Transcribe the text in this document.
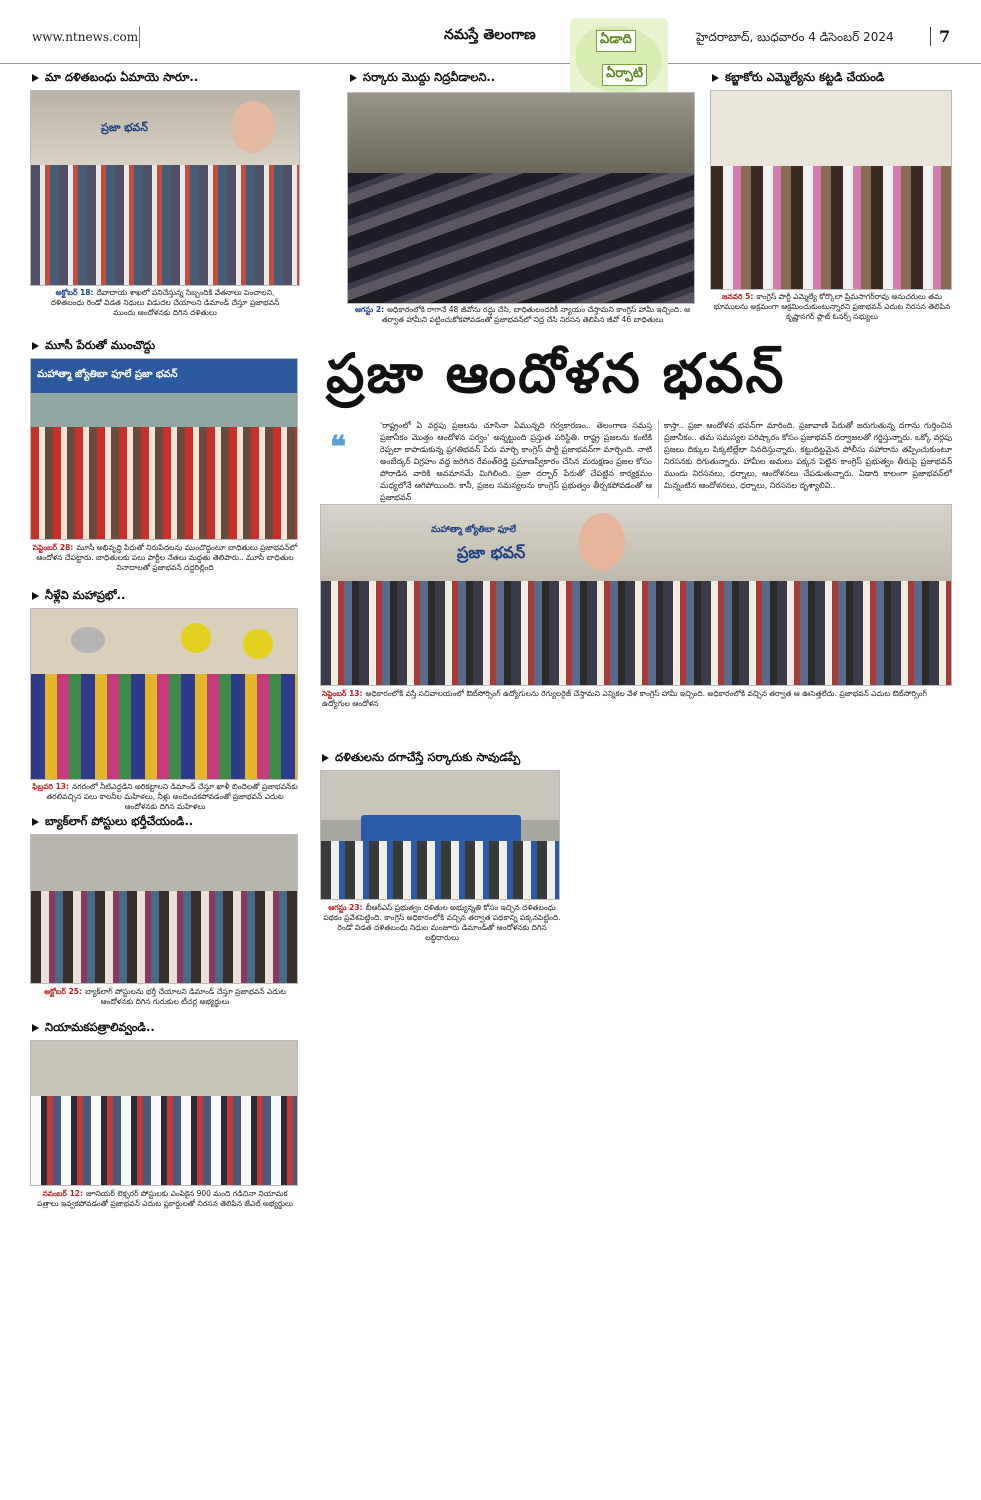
www.ntnews.com	నమస్తే తెలంగాణ	హైదరాబాద్, బుధవారం 4 డిసెంబర్ 2024	7
ఏడాది
ఏర్పాటి
మా దళితబంధు ఏమాయె సారూ..
ప్రజా భవన్
అక్టోబర్ 18: దేవాదాయ శాఖలో పనిచేస్తున్న సిబ్బందికి వేతనాలు పెంచాలని, దళితబంధు రెండో విడత నిధులు విడుదల చేయాలని డిమాండ్ చేస్తూ ప్రజాభవన్ ముందు ఆందోళనకు దిగిన దళితులు
సర్కారు మొద్దు నిద్రవీడాలని..
ఆగస్టు 2: అధికారంలోకి రాగానే 48 జీవోను రద్దు చేసి, బాధితులందరికీ న్యాయం చేస్తామని కాంగ్రెస్ హామీ ఇచ్చింది. ఆ తర్వాత హామీని పట్టించుకోకపోవడంతో ప్రజాభవన్‌లో నిద్ర చేసి నిరసన తెలిపిన జీవో 46 బాధితులు
కబ్జాకోరు ఎమ్మెల్యేను కట్టడి చేయండి
జనవరి 5: కాంగ్రెస్ పార్టీ ఎమ్మెల్యే కోర్కొలా ప్రేమసాగర్‌రావు అనుచరులు తమ భూములను అక్రమంగా ఆక్రమించుకుంటున్నారని ప్రజాభవన్ ఎదుట నిరసన తెలిపిన కృష్ణానగర్ ప్లాట్ ఓనర్స్ సభ్యులు
మూసీ పేరుతో ముంచొద్దు
మహాత్మా జ్యోతిబా ఫూలే ప్రజా భవన్
సెప్టెంబర్ 28: మూసీ అభివృద్ధి పేరుతో నిరుపేదలను ముంచొద్దంటూ బాధితులు ప్రజాభవన్‌లో ఆందోళన చేపట్టారు. బాధితులకు పలు పార్టీల నేతలు మద్దతు తెలిపారు.. మూసీ బాధితుల నినాదాలతో ప్రజాభవన్ దద్దరిల్లింది
నీళ్లేవి మహాప్రభో..
ఫిబ్రవరి 13: నగరంలో నీటిఎద్దడిని అరికట్టాలని డిమాండ్ చేస్తూ ఖాళీ బిందెలతో ప్రజాభవన్‌కు తరలివచ్చిన పలు కాలనీల మహిళలు, నీళ్లు అందించకపోవడంతో ప్రజాభవన్ ఎదుట ఆందోళనకు దిగిన మహిళలు
బ్యాక్‌లాగ్ పోస్టులు భర్తీచేయండి..
అక్టోబర్ 25: బ్యాక్‌లాగ్ పోస్టులను భర్తీ చేయాలని డిమాండ్ చేస్తూ ప్రజాభవన్ ఎదుట ఆందోళనకు దిగిన గురుకుల టీచర్ల అభ్యర్థులు
నియామకపత్రాలివ్వండి..
నవంబర్ 12: జూనియర్ లెక్చరర్ పోస్టులకు ఎంపికైన 900 మంది గడిచినా నియామక పత్రాలు ఇవ్వకపోవడంతో ప్రజాభవన్ ఎదుట ప్లకార్డులతో నిరసన తెలిపిన జేఎల్ అభ్యర్థులు
ప్రజా ఆందోళన భవన్
❝
'రాష్ట్రంలో ఏ వర్గపు ప్రజలను చూసినా ఏమున్నది గర్వకారణం.. తెలంగాణ సమస్త ప్రజానీకం మొత్తం ఆందోళన పర్వం' అన్నట్టుంది ప్రస్తుత పరిస్థితి. రాష్ట్ర ప్రజలను కంటికి రెప్పలా కాపాడుకున్న ప్రగతిభవన్ పేరు మార్చి కాంగ్రెస్ పార్టీ ప్రజాభవన్‌గా మార్చింది. నాటి అంబేద్కర్ విగ్రహం వద్ద జరిగిన రేవంత్‌రెడ్డి ప్రమాణస్వీకారం చేసిన మరుక్షణం ప్రజల కోసం పోరాడిన వారికి అవమానమే మిగిలింది. ప్రజా దర్బార్ పేరుతో చేపట్టిన కార్యక్రమం మధ్యలోనే ఆగిపోయింది. కానీ, ప్రజల సమస్యలను కాంగ్రెస్ ప్రభుత్వం తీర్చకపోవడంతో ఆ ప్రజాభవన్
కాస్తా.. ప్రజా ఆందోళన భవన్‌గా మారింది. ప్రజావాణి పేరుతో జరుగుతున్న దగాను గుర్తించిన ప్రజానీకం.. తమ సమస్యల పరిష్కారం కోసం ప్రజాభవన్ దర్వాజలతో గర్జిస్తున్నారు. ఒక్కో వర్గపు ప్రజలు దిక్కుల పిక్కటిల్లేలా నినదిస్తున్నారు. కట్టుదిట్టమైన పోలీసు పహారాను తప్పించుకుంటూ నిరసనకు దిగుతున్నారు. హామీల అమలు పక్కన పెట్టిన కాంగ్రెస్ ప్రభుత్వం తీరుపై ప్రజాభవన్ ముందు నిరసనలు, ధర్నాలు, ఆందోళనలు చేపడుతున్నారు. ఏడాది కాలంగా ప్రజాభవన్‌లో మిన్నంటిన ఆందోళనలు, ధర్నాలు, నిరసనల దృశ్యాలివి..
మహాత్మా జ్యోతిబా ఫూలే
ప్రజా భవన్
సెప్టెంబర్ 13: అధికారంలోకి వస్తే సచివాలయంలో ఔట్‌సోర్సింగ్ ఉద్యోగులను రెగ్యులరైజ్ చేస్తామని ఎన్నికల వేళ కాంగ్రెస్ హామీ ఇచ్చింది. అధికారంలోకి వచ్చిన తర్వాత ఆ ఊసెత్తలేదు. ప్రజాభవన్ ఎదుట ఔట్‌సోర్సింగ్ ఉద్యోగుల ఆందోళన
దళితులను దగాచేస్తే సర్కారుకు సావుడప్పే
ఆగస్టు 23: బీఆర్‌ఎస్ ప్రభుత్వం దళితుల అభ్యున్నతి కోసం ఇచ్చిన దళితబంధు పథకం ప్రవేశపెట్టింది. కాంగ్రెస్ అధికారంలోకి వచ్చిన తర్వాత పథకాన్ని పక్కనపెట్టింది. రెండో విడత దళితబంధు నిధుల మంజూరు డిమాండ్‌తో ఆందోళనకు దిగిన లబ్ధిదారులు
